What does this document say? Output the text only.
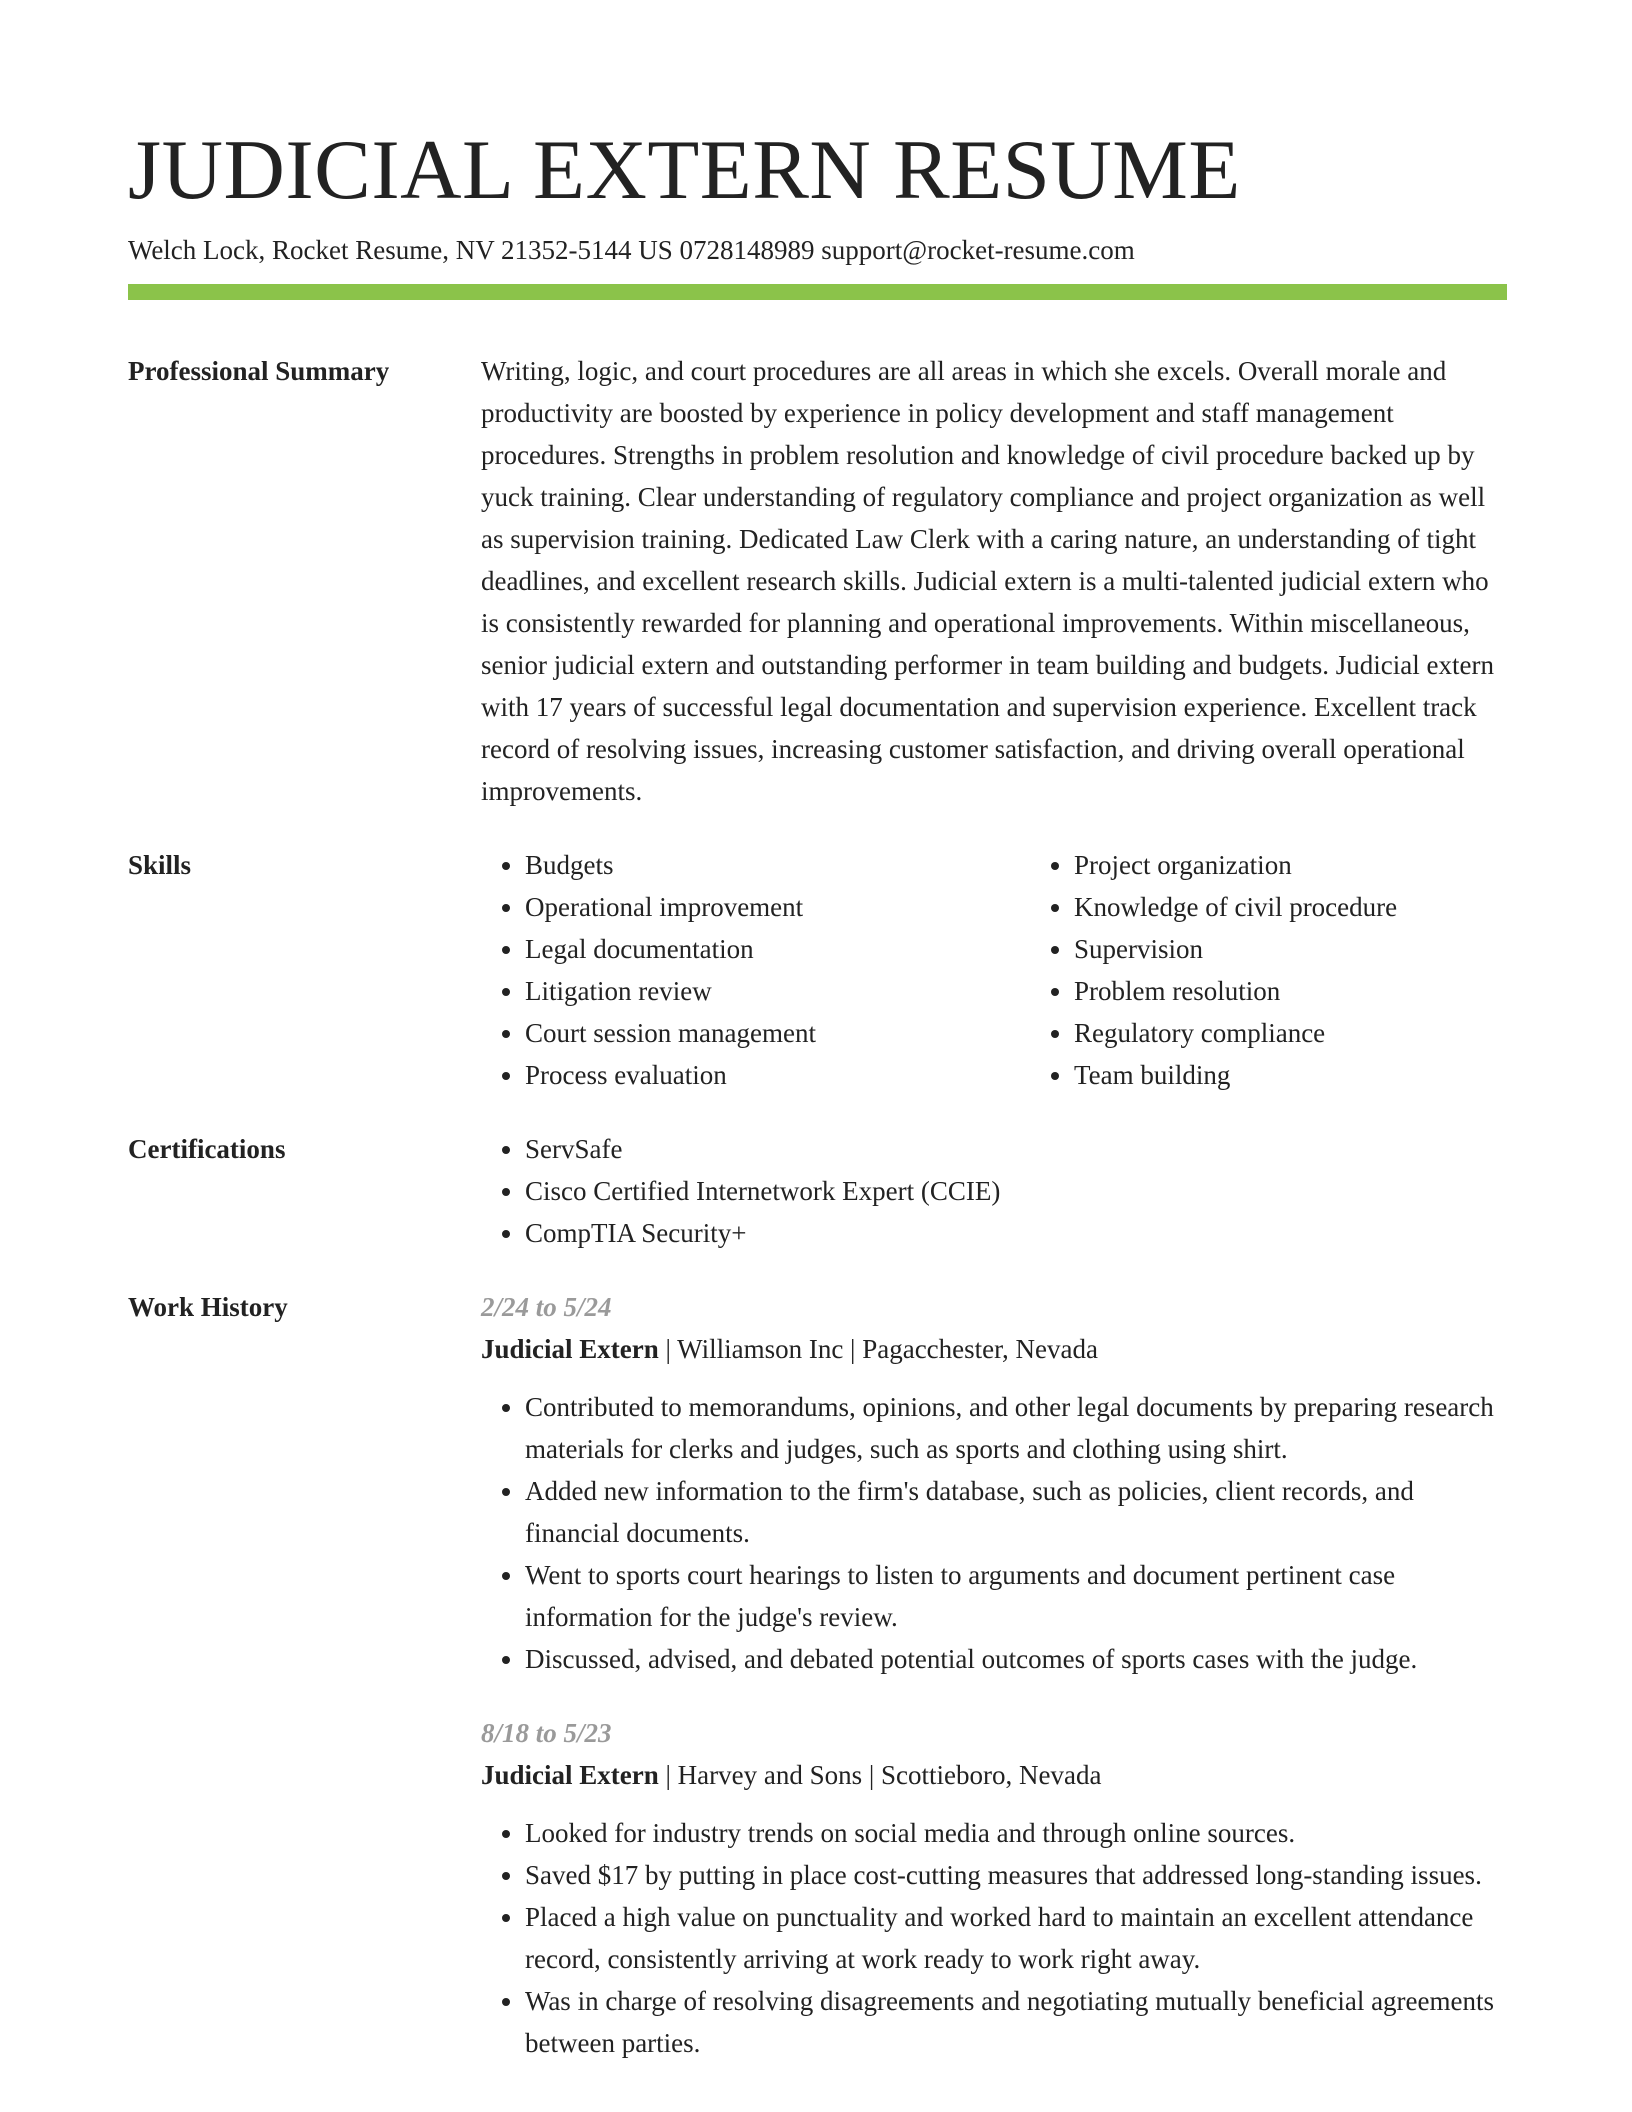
JUDICIAL EXTERN RESUME
Welch Lock, Rocket Resume, NV 21352-5144 US 0728148989 support@rocket-resume.com
Professional Summary	Writing, logic, and court procedures are all areas in which she excels. Overall morale and productivity are boosted by experience in policy development and staff management procedures. Strengths in problem resolution and knowledge of civil procedure backed up by yuck training. Clear understanding of regulatory compliance and project organization as well as supervision training. Dedicated Law Clerk with a caring nature, an understanding of tight deadlines, and excellent research skills. Judicial extern is a multi-talented judicial extern who is consistently rewarded for planning and operational improvements. Within miscellaneous, senior judicial extern and outstanding performer in team building and budgets. Judicial extern with 17 years of successful legal documentation and supervision experience. Excellent track record of resolving issues, increasing customer satisfaction, and driving overall operational improvements.
Skills	• Budgets
• Operational improvement
• Legal documentation
• Litigation review
• Court session management
• Process evaluation
• Project organization
• Knowledge of civil procedure
• Supervision
• Problem resolution
• Regulatory compliance
• Team building
Certifications	• ServSafe
• Cisco Certified Internetwork Expert (CCIE)
• CompTIA Security+
Work History	2/24 to 5/24
Judicial Extern | Williamson Inc | Pagacchester, Nevada
• Contributed to memorandums, opinions, and other legal documents by preparing research materials for clerks and judges, such as sports and clothing using shirt.
• Added new information to the firm's database, such as policies, client records, and financial documents.
• Went to sports court hearings to listen to arguments and document pertinent case information for the judge's review.
• Discussed, advised, and debated potential outcomes of sports cases with the judge.
8/18 to 5/23
Judicial Extern | Harvey and Sons | Scottieboro, Nevada
• Looked for industry trends on social media and through online sources.
• Saved $17 by putting in place cost-cutting measures that addressed long-standing issues.
• Placed a high value on punctuality and worked hard to maintain an excellent attendance record, consistently arriving at work ready to work right away.
• Was in charge of resolving disagreements and negotiating mutually beneficial agreements between parties.
